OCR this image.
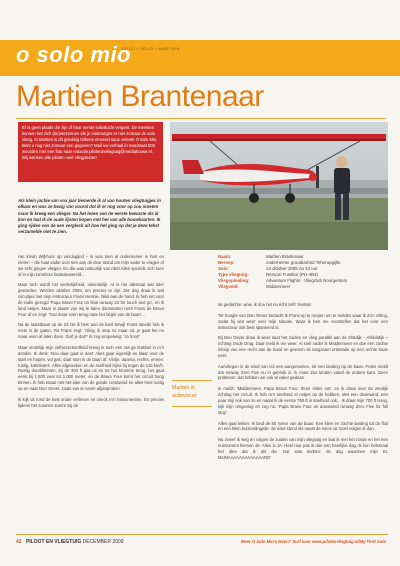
o solo mio
SOLO • SOLO • MARTIEN
Martien Brantenaar
Er is geen plaats die zijn of haar eerste soloslucht vergeet. De meesten kunnen het zich (tin)verzennen als je vanmorgen er niet zomaar de solo vloog. In Martien is dit gelukkig telkens moveed soos velerek O Solo Mio. Bent u nog niet zomaar een gegeven? Mail uw verhaal in maximaal 500 woorden met een foto naar redactie.piloteninvliegtuig@mediahouse.nl. Wij wensen alle piloten veel vliegplezier!
Als klein jochie van vox jaar tiemerde ik al van houten vliegtuigjes in elkaar en was ze bezig van vooral dat ik er nog voor op zou moeten maar ik kreeg een vlieger. Na het lezen van de eerste bewuste als ik kon en laat ik de oude lijsten kopen met het van alle bouwkaarten. Ik ging rijden van de een vergleck uit hoe het ging op dat je deze tekst verzamelde niet te zien.
Naam:	Martien Brantenaar
Beroep:	ondernemer grootbarbird Teheropgijlte
Solo:	14 oktober 2009 na 33 uur
Type vliegtuig:	Rempm Funtikor (PH-4B4)
Vliegopleiding:	Adventure Flights - Vliegclub Noorgentum
Vliegveld:	Middenmeer

Het kleub Wijkhoor op vierdugijnd – ik was toen al ondernemer in hart en nieren – die haal vader over tien aan de deur stond om mijn vader te vragen of we echt gingen vliegen. En die was natuurlijk van niks! Alles speelde zich toen af in mijn tomeloze fantasiewereld...

Maar toch wordt het werkelijkheid, uiteindelijk. Al is het allemaal wat later geworden. Werden oktober 2009, om precies te zijn. Die dag draai ik wat circuitjes met mijn instructeur Frans Hermie. Niks aan de hand. Ik heb net voor de radio gezegd 'Papa Bravo Four on final runway 23 for touch and go', en ik land netjes. Maar in plaats van mij te laten doorstarten remt Frans de Bravo Four af en zegt: 'Taxi maar even terug naar het begin van de baan'...

Na de laatstbaan op de 23 zet ik hem aan de kant terwijl Frans steeds heb ik mets in de gaten. Tot Frans zegt: 'Okay, ik stap nu maar uit, je gaat het nu maar even af laten doen. Durf je dat?' Ik zeg simpelweg: 'Ja hoor!'

Maar eindelijk mijn zelfverzekerdheid kreeg ik toch een ras ge krabbel in m'n donder. Ik denk: 'Nou daar gaat ie dan!' Alles gaat eigenlijk en klaar voor de start en hopen, vol gas, daar stort ik de baan af. Vlotje, daarna, rechts, ermee, rustig, kalmkoers. Alles afgeweken en de snelheid bijna bij tegen de 110 km/h. Rustig doorklimmen, bij de 300 ft gas uit en tot het kromme terug, het gaat eens bij 1.500 voet tot 1.000 meter, en de Bravo Four komt het circuit hoog binnen. Ik heb totaal niet het idee van de goede crosswind en alles heel rustig op en naar Den Oever, zoals van te voren afgesproken.

Ik kijk uit rond de kust onder verlenen en check m'n instrumenten. En precies tijdens het zoomen zoemt mij de

Martien in actievrieze

de gedachte: wow, ik doe het nu écht zelf! Yessss!

Ter hoogte van Den Oever bedacht ik Frans op te roepen om te melden waar ik zo'n zitting, zodat hij wat weer over mijn situatie. Want ik ben me voorstellen dat het voor een instructeur ook best spannend is.

Bij Den Oever draai ik weer naar het zuiden en vlieg parallel aan de Slotdijk – Afsluitdijk – richting Oude Drag. Daar meld ik me weer. Al snel nader ik Middenmeer en doe een zachte inloop van een recht aan de hand en gewoon de langzaam oriëntatie op een rechte baan neer.

Aanvliegen is de wind van vol een aangenomen, tot een landing op de baan. Frans meldt dat runway Zero Five nu in gebruik is. Ik moet Zus landen vanaf de andere kant. Geen probleem: dat hebben we ook al vaker gedaan.

Ik meldt: 'Middenmeer, Papa Bravo Four, three miles out', en ik draai over de zeedijk richting het circuit. Ik heb m'n snelheid al netjes op de hebben. Met een downwind, een paar mijl ook van zo en nadat ik de eerste 750 ft in snelheid ook... Ik draai mijn 700 ft terug, kijk mijn omgeving en zeg nu: 'Papa Bravo Four on downwind runway Zero Five for full stop'.

Alles gaat lekker. Ik land de 80 meter van de baan. Een klein en zachte landing tot de fluit en een klein buizendingetje: de wind stond als naast de soms uit moet volgen ik dan.

Nu zweef ik weg en volgen de zuiden van mijn vliegtuig en laat ik met het ronde en het een nulmoment hiervan de. Allen is JA. Heel raar pas ik dan een heerlijke dag. Ik kon helemaal het idee dat ik als die. Dat was kortom: de dag waarmee mijn KL MIJNAAAAAAAAAAAAARD'

42 PILOOT EN VLIEGTUIG DECEMBER 2009	Meer O Solo Mio's lezen? Surf naar www.pilotenvliegtuig.nl/My First Solo
